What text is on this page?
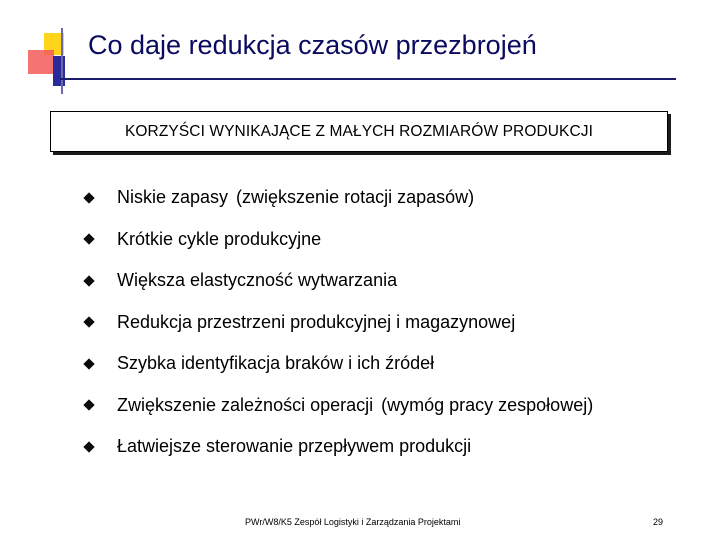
Co daje redukcja czasów przezbrojeń
KORZYŚCI WYNIKAJĄCE Z MAŁYCH ROZMIARÓW PRODUKCJI
Niskie zapasy (zwiększenie rotacji zapasów)
Krótkie cykle produkcyjne
Większa elastyczność wytwarzania
Redukcja przestrzeni produkcyjnej i magazynowej
Szybka identyfikacja braków i ich źródeł
Zwiększenie zależności operacji (wymóg pracy zespołowej)
Łatwiejsze sterowanie przepływem produkcji
PWr/W8/K5 Zespół Logistyki i Zarządzania Projektami	29
